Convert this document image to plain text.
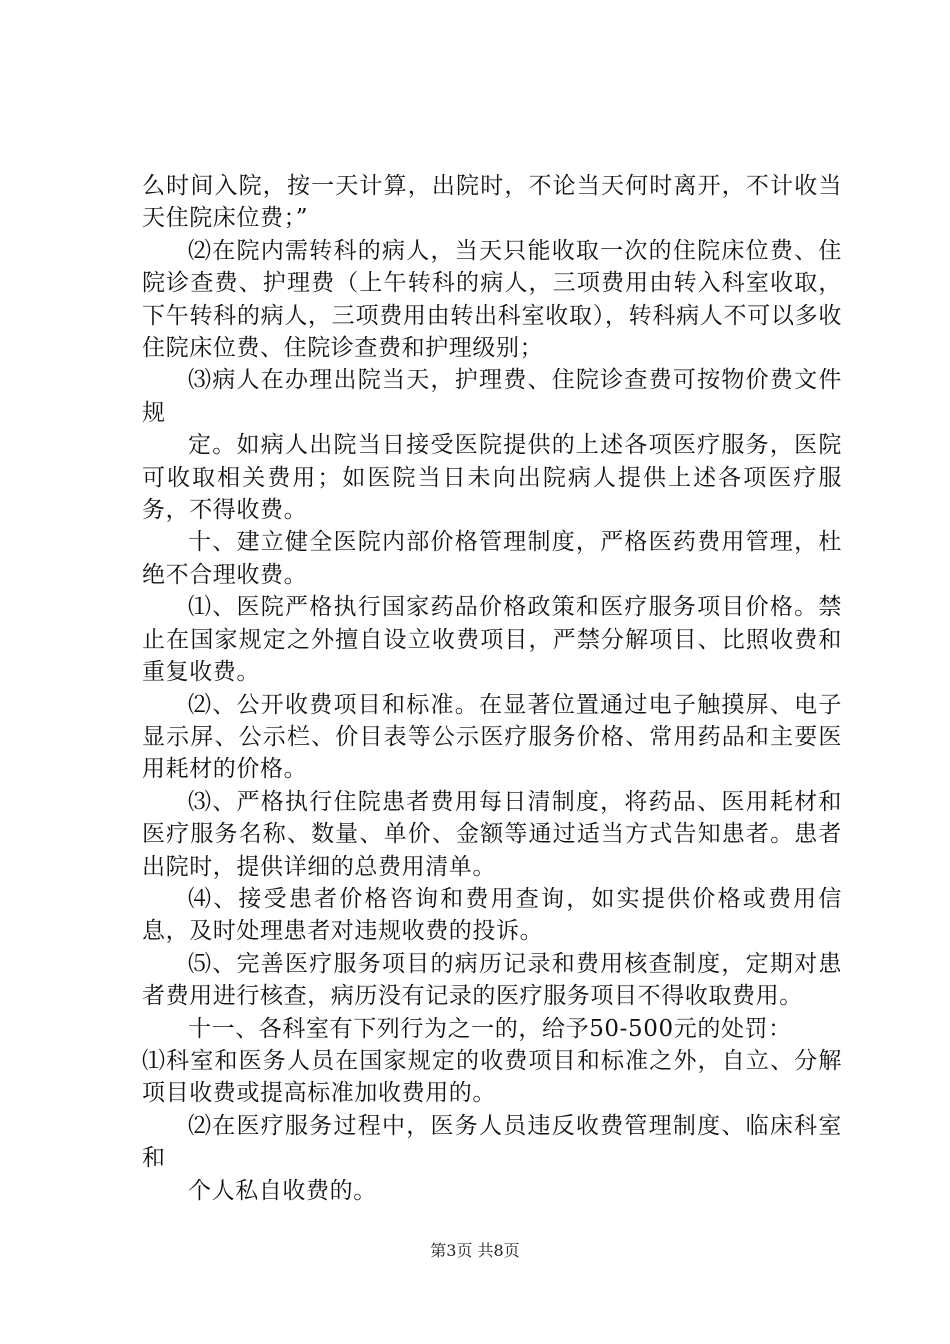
么时间入院，按一天计算，出院时，不论当天何时离开，不计收当天住院床位费；”

⑵在院内需转科的病人，当天只能收取一次的住院床位费、住院诊查费、护理费（上午转科的病人，三项费用由转入科室收取，下午转科的病人，三项费用由转出科室收取），转科病人不可以多收住院床位费、住院诊查费和护理级别；

⑶病人在办理出院当天，护理费、住院诊查费可按物价费文件规

定。如病人出院当日接受医院提供的上述各项医疗服务，医院可收取相关费用；如医院当日未向出院病人提供上述各项医疗服务，不得收费。

十、建立健全医院内部价格管理制度，严格医药费用管理，杜绝不合理收费。

⑴、医院严格执行国家药品价格政策和医疗服务项目价格。禁止在国家规定之外擅自设立收费项目，严禁分解项目、比照收费和重复收费。

⑵、公开收费项目和标准。在显著位置通过电子触摸屏、电子显示屏、公示栏、价目表等公示医疗服务价格、常用药品和主要医用耗材的价格。

⑶、严格执行住院患者费用每日清制度，将药品、医用耗材和医疗服务名称、数量、单价、金额等通过适当方式告知患者。患者出院时，提供详细的总费用清单。

⑷、接受患者价格咨询和费用查询，如实提供价格或费用信息，及时处理患者对违规收费的投诉。

⑸、完善医疗服务项目的病历记录和费用核查制度，定期对患者费用进行核查，病历没有记录的医疗服务项目不得收取费用。

十一、各科室有下列行为之一的，给予50-500元的处罚：

⑴科室和医务人员在国家规定的收费项目和标准之外，自立、分解项目收费或提高标准加收费用的。

⑵在医疗服务过程中，医务人员违反收费管理制度、临床科室和

个人私自收费的。

第3页 共8页
